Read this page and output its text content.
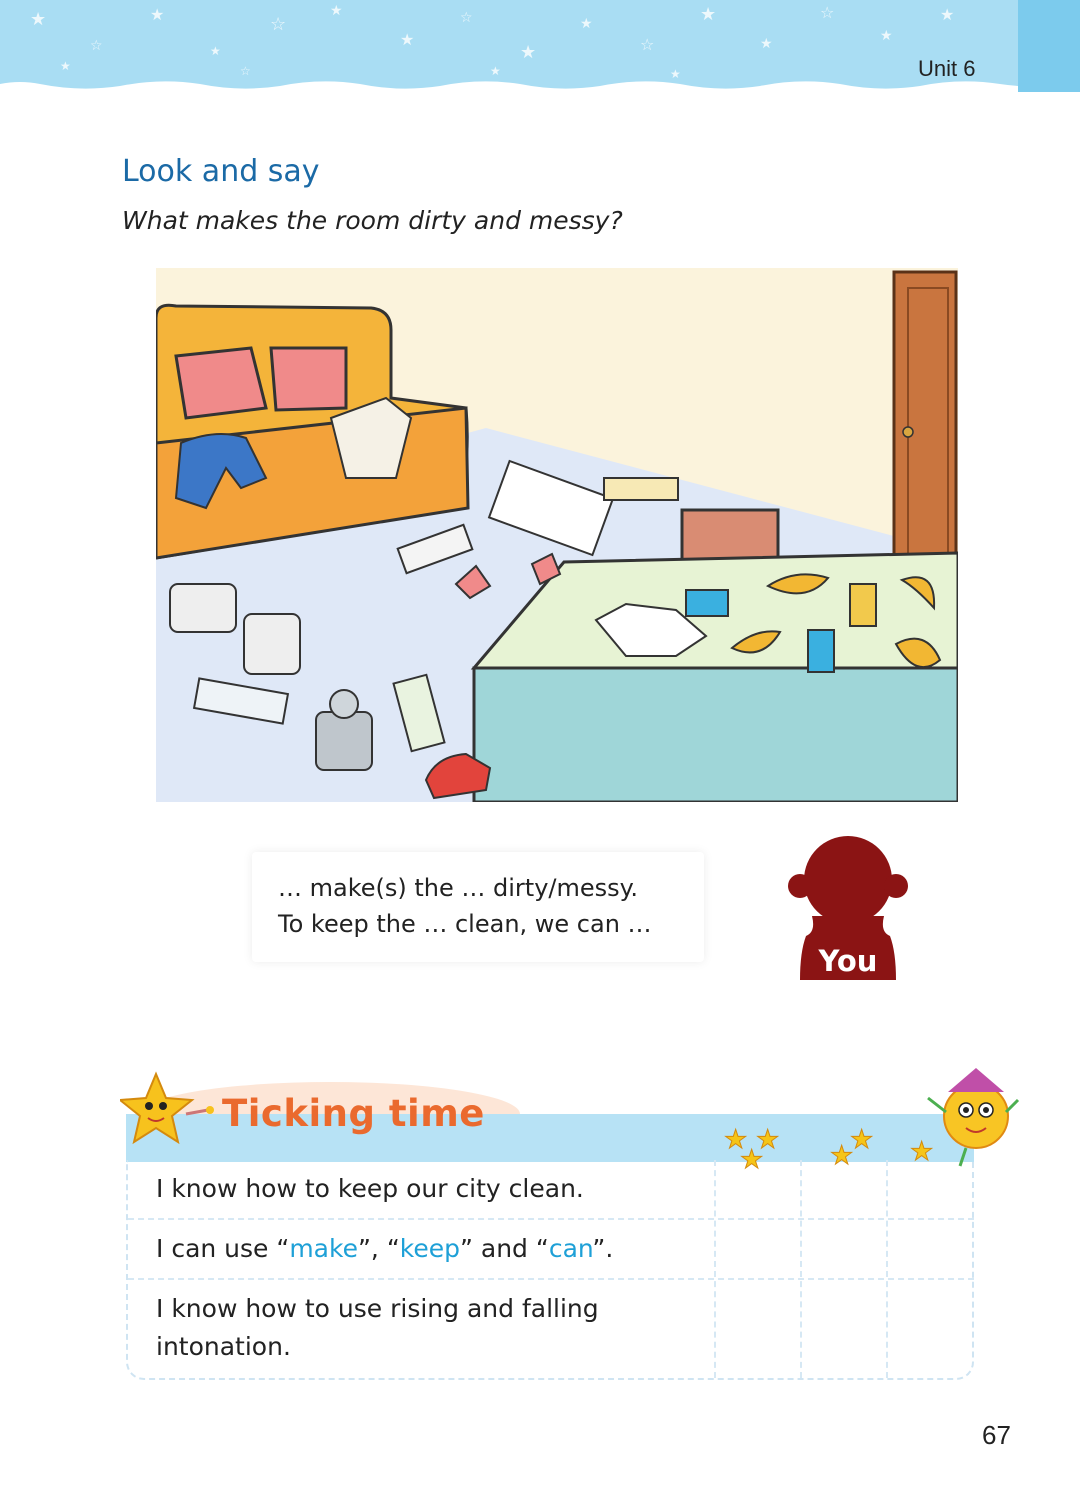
★
☆
★
★
☆
★
★
☆
★
★
☆
★
★
☆
★
★
★	☆	★	★	Unit 6
Look and say
What makes the room dirty and messy?
… make(s) the … dirty/messy.
To keep the … clean, we can …
You
★ ★
★	★
★ ★
Ticking time
I know how to keep our city clean.
I can use “make”, “keep” and “can”.
I know how to use rising and falling
intonation.
67
